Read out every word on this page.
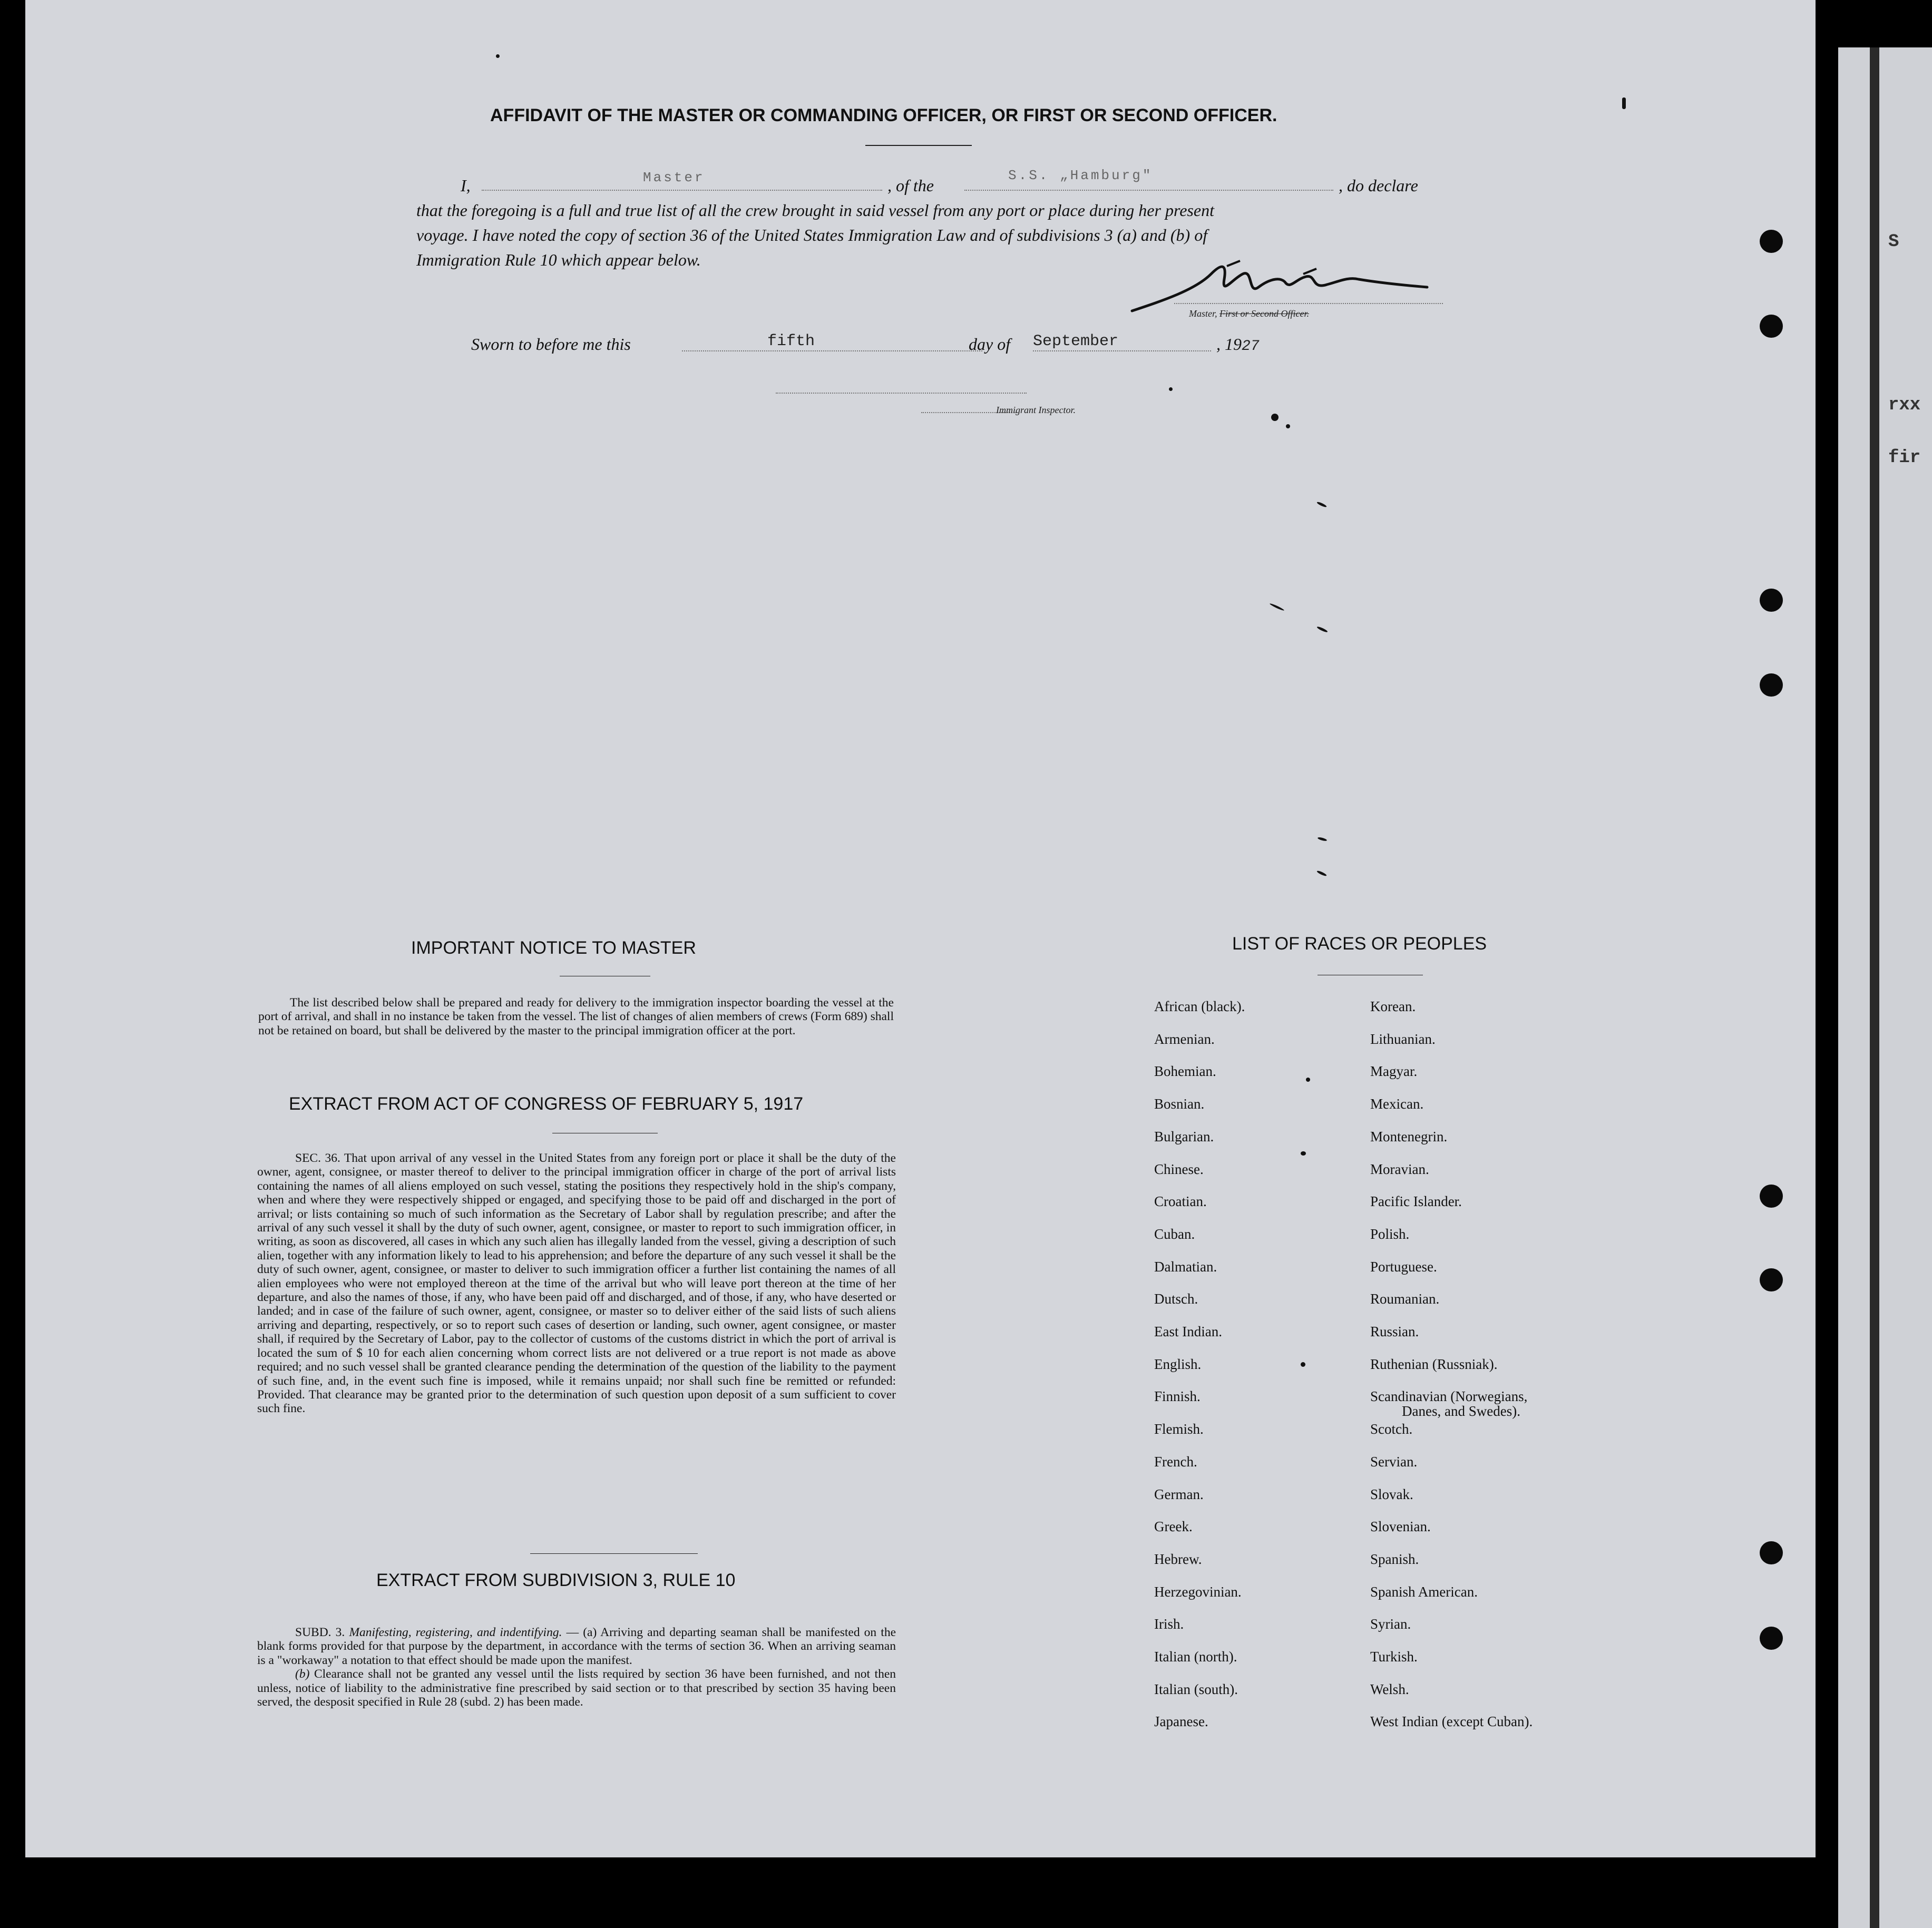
S
rxx
fir
AFFIDAVIT OF THE MASTER OR COMMANDING OFFICER, OR FIRST OR SECOND OFFICER.
I,	Master	, of the
S.S. „Hamburg"
, do declare
that the foregoing is a full and true list of all the crew brought in said vessel from any port or place during her present
voyage. I have noted the copy of section 36 of the United States Immigration Law and of subdivisions 3 (a) and (b) of
Immigration Rule 10 which appear below.
Master, First or Second Officer.
Sworn to before me this	fifth	day of September	, 1927
Immigrant Inspector.
IMPORTANT NOTICE TO MASTER
The list described below shall be prepared and ready for delivery to the immigration inspector boarding the vessel at the port of arrival, and shall in no instance be taken from the vessel. The list of changes of alien members of crews (Form 689) shall not be retained on board, but shall be delivered by the master to the principal immigration officer at the port.
EXTRACT FROM ACT OF CONGRESS OF FEBRUARY 5, 1917
SEC. 36. That upon arrival of any vessel in the United States from any foreign port or place it shall be the duty of the owner, agent, consignee, or master thereof to deliver to the principal immigration officer in charge of the port of arrival lists containing the names of all aliens employed on such vessel, stating the positions they respectively hold in the ship's company, when and where they were respectively shipped or engaged, and specifying those to be paid off and discharged in the port of arrival; or lists containing so much of such information as the Secretary of Labor shall by regulation prescribe; and after the arrival of any such vessel it shall by the duty of such owner, agent, consignee, or master to report to such immigration officer, in writing, as soon as discovered, all cases in which any such alien has illegally landed from the vessel, giving a description of such alien, together with any information likely to lead to his apprehension; and before the departure of any such vessel it shall be the duty of such owner, agent, consignee, or master to deliver to such immigration officer a further list containing the names of all alien employees who were not employed thereon at the time of the arrival but who will leave port thereon at the time of her departure, and also the names of those, if any, who have been paid off and discharged, and of those, if any, who have deserted or landed; and in case of the failure of such owner, agent, consignee, or master so to deliver either of the said lists of such aliens arriving and departing, respectively, or so to report such cases of desertion or landing, such owner, agent consignee, or master shall, if required by the Secretary of Labor, pay to the collector of customs of the customs district in which the port of arrival is located the sum of $ 10 for each alien concerning whom correct lists are not delivered or a true report is not made as above required; and no such vessel shall be granted clearance pending the determination of the question of the liability to the payment of such fine, and, in the event such fine is imposed, while it remains unpaid; nor shall such fine be remitted or refunded: Provided. That clearance may be granted prior to the determination of such question upon deposit of a sum sufficient to cover such fine.
EXTRACT FROM SUBDIVISION 3, RULE 10
SUBD. 3. Manifesting, registering, and indentifying. — (a) Arriving and departing seaman shall be manifested on the blank forms provided for that purpose by the department, in accordance with the terms of section 36. When an arriving seaman is a "workaway" a notation to that effect should be made upon the manifest.
(b) Clearance shall not be granted any vessel until the lists required by section 36 have been furnished, and not then unless, notice of liability to the administrative fine prescribed by said section or to that prescribed by section 35 having been served, the desposit specified in Rule 28 (subd. 2) has been made.
LIST OF RACES OR PEOPLES
African (black).
Armenian.
Bohemian.
Bosnian.
Bulgarian.
Chinese.
Croatian.
Cuban.
Dalmatian.
Dutsch.
East Indian.
English.
Finnish.
Flemish.
French.
German.
Greek.
Hebrew.
Herzegovinian.
Irish.
Italian (north).
Italian (south).
Japanese.
Korean.
Lithuanian.
Magyar.
Mexican.
Montenegrin.
Moravian.
Pacific Islander.
Polish.
Portuguese.
Roumanian.
Russian.
Ruthenian (Russniak).
Scandinavian (Norwegians,
Danes, and Swedes).
Scotch.
Servian.
Slovak.
Slovenian.
Spanish.
Spanish American.
Syrian.
Turkish.
Welsh.
West Indian (except Cuban).
